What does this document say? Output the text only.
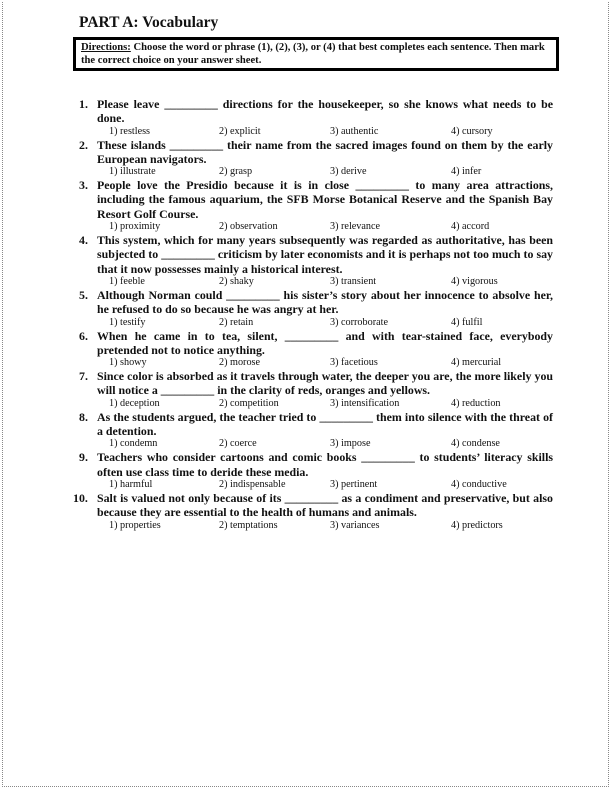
PART A: Vocabulary
Directions: Choose the word or phrase (1), (2), (3), or (4) that best completes each sentence. Then mark the correct choice on your answer sheet.
1. Please leave _________ directions for the housekeeper, so she knows what needs to be done.
1) restless	2) explicit	3) authentic	4) cursory
2. These islands _________ their name from the sacred images found on them by the early European navigators.
1) illustrate	2) grasp	3) derive	4) infer
3. People love the Presidio because it is in close _________ to many area attractions, including the famous aquarium, the SFB Morse Botanical Reserve and the Spanish Bay Resort Golf Course.
1) proximity	2) observation	3) relevance	4) accord
4. This system, which for many years subsequently was regarded as authoritative, has been subjected to _________ criticism by later economists and it is perhaps not too much to say that it now possesses mainly a historical interest.
1) feeble	2) shaky	3) transient	4) vigorous
5. Although Norman could _________ his sister’s story about her innocence to absolve her, he refused to do so because he was angry at her.
1) testify	2) retain	3) corroborate	4) fulfil
6. When he came in to tea, silent, _________ and with tear-stained face, everybody pretended not to notice anything.
1) showy	2) morose	3) facetious	4) mercurial
7. Since color is absorbed as it travels through water, the deeper you are, the more likely you will notice a _________ in the clarity of reds, oranges and yellows.
1) deception	2) competition	3) intensification	4) reduction
8. As the students argued, the teacher tried to _________ them into silence with the threat of a detention.
1) condemn	2) coerce	3) impose	4) condense
9. Teachers who consider cartoons and comic books _________ to students’ literacy skills often use class time to deride these media.
1) harmful	2) indispensable	3) pertinent	4) conductive
10. Salt is valued not only because of its _________ as a condiment and preservative, but also because they are essential to the health of humans and animals.
1) properties	2) temptations	3) variances	4) predictors
